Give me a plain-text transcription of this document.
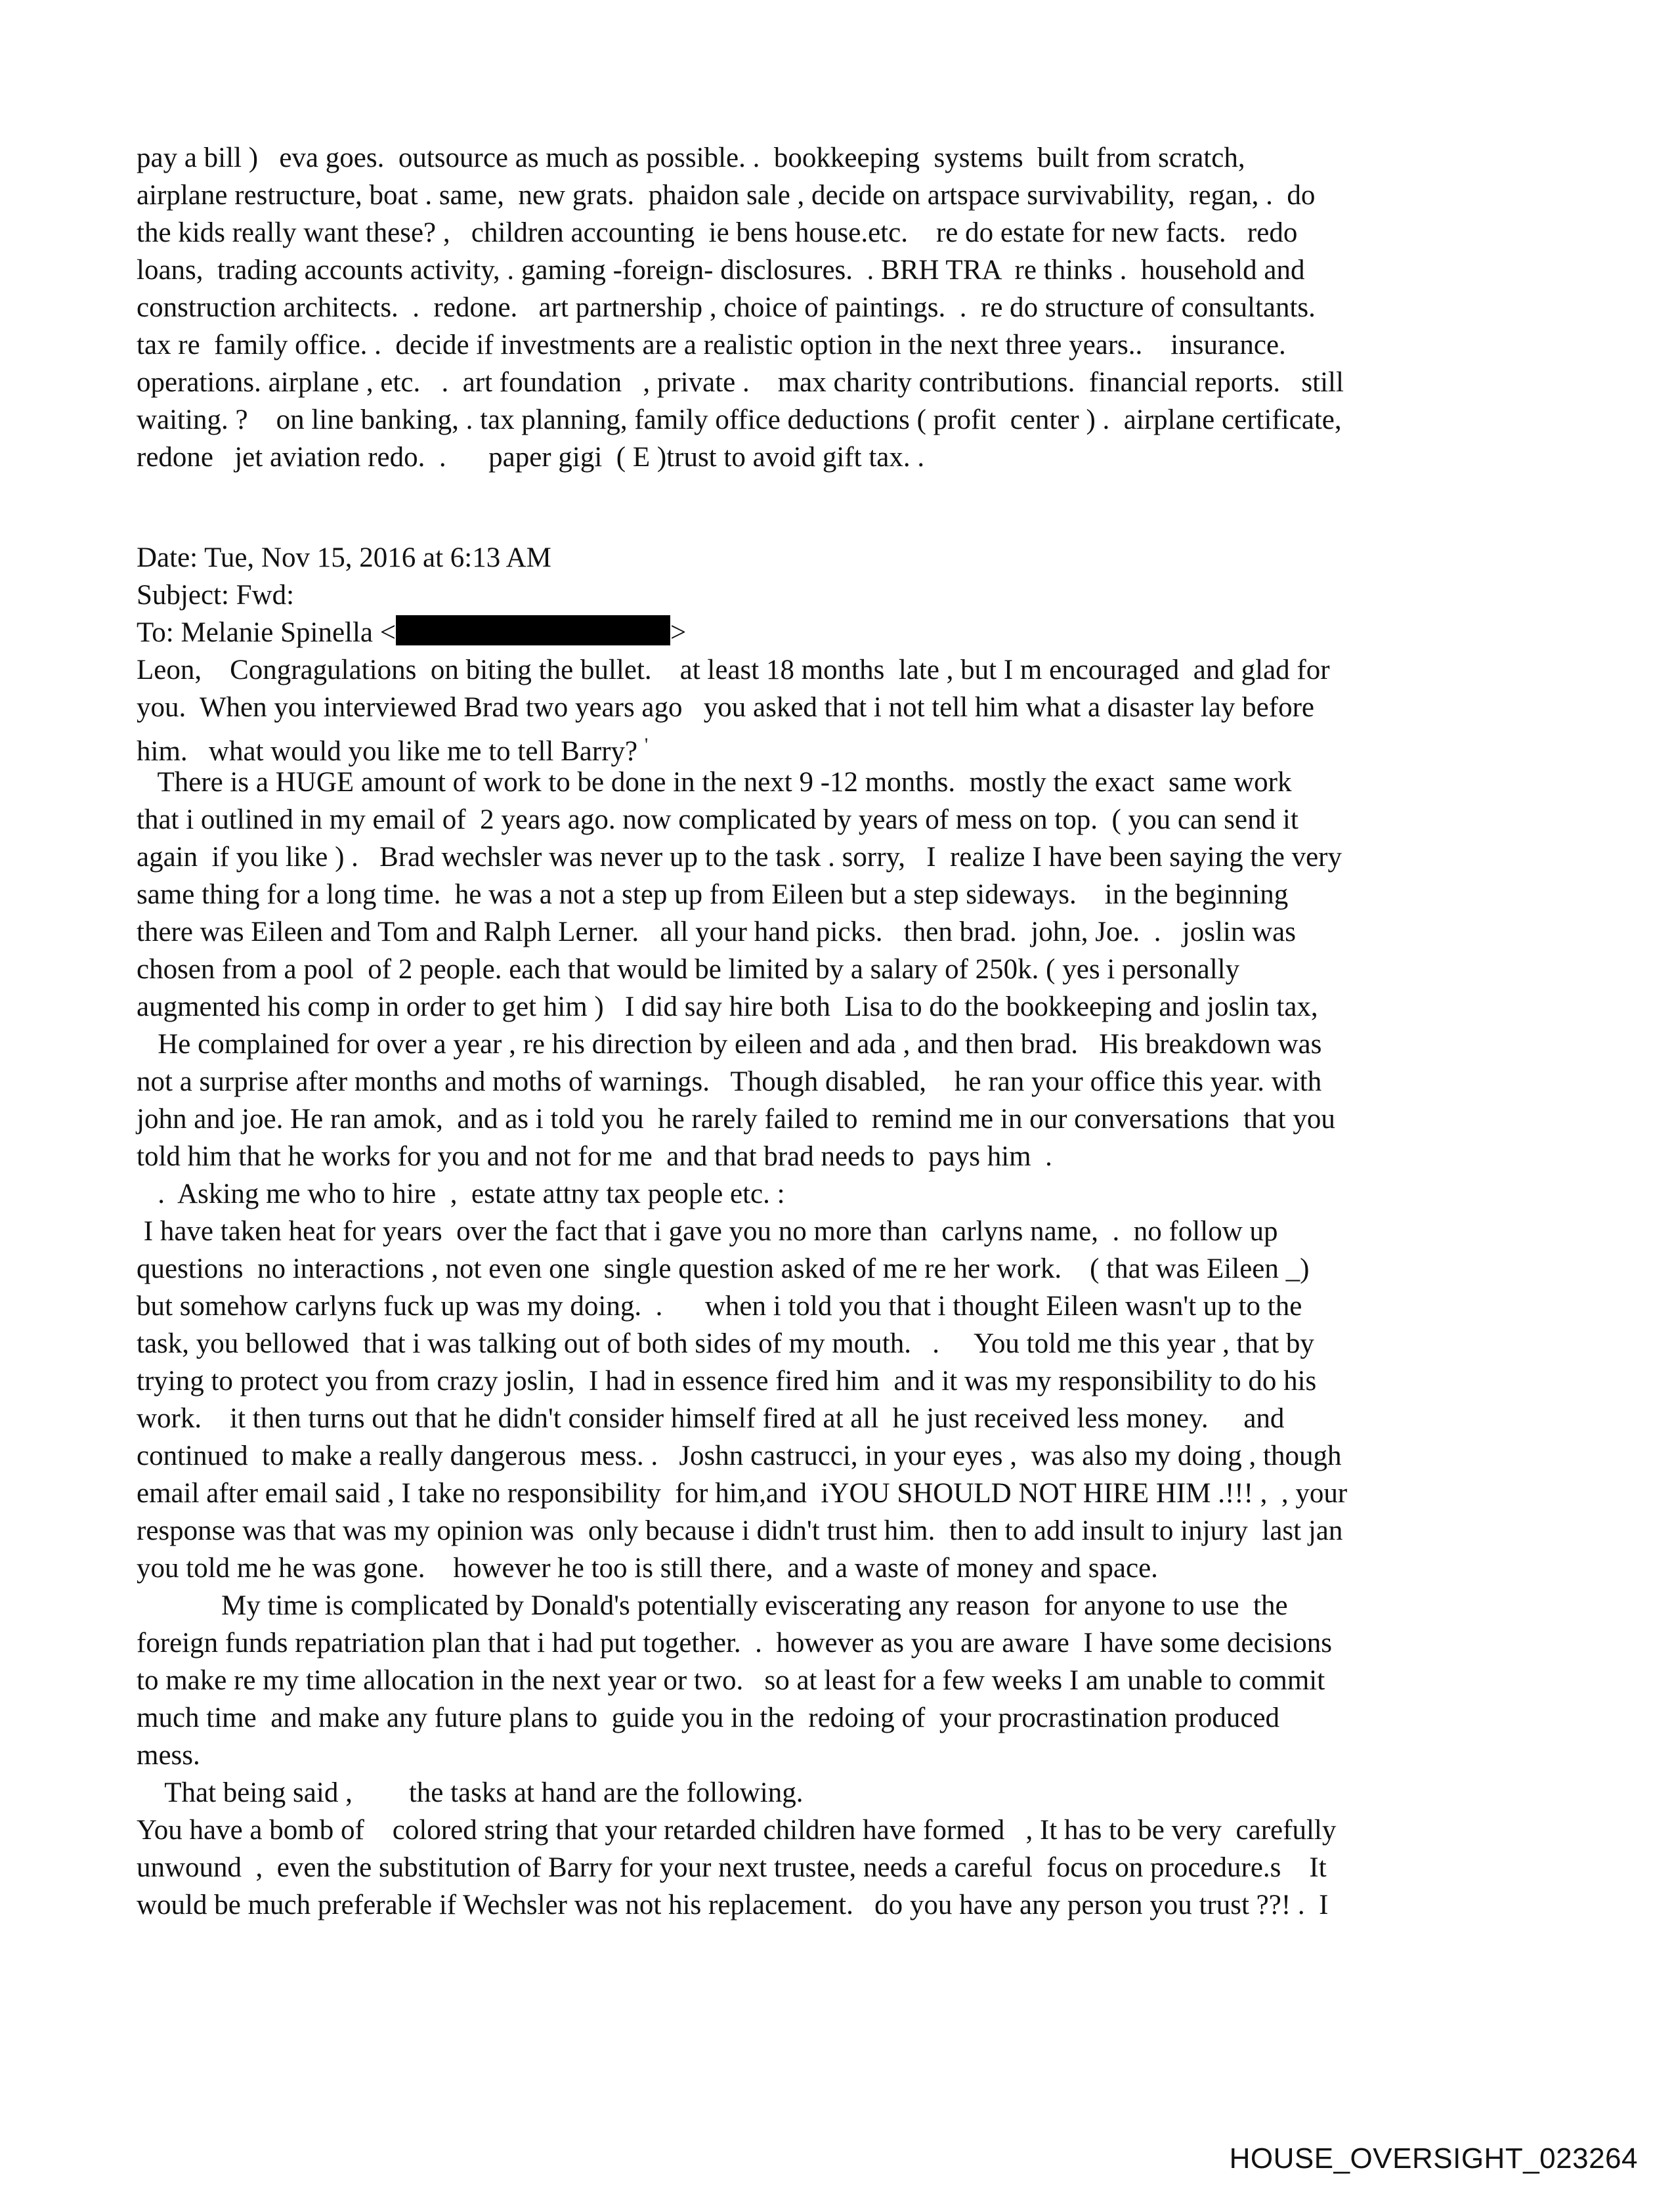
pay a bill )   eva goes.  outsource as much as possible. .  bookkeeping  systems  built from scratch,
airplane restructure, boat . same,  new grats.  phaidon sale , decide on artspace survivability,  regan, .  do
the kids really want these? ,   children accounting  ie bens house.etc.    re do estate for new facts.   redo
loans,  trading accounts activity, . gaming -foreign- disclosures.  . BRH TRA  re thinks .  household and
construction architects.  .  redone.   art partnership , choice of paintings.  .  re do structure of consultants.
tax re  family office. .  decide if investments are a realistic option in the next three years..    insurance.
operations. airplane , etc.   .  art foundation   , private .    max charity contributions.  financial reports.   still
waiting. ?    on line banking, . tax planning, family office deductions ( profit  center ) .  airplane certificate,
redone   jet aviation redo.  .      paper gigi  ( E )trust to avoid gift tax. .
Date: Tue, Nov 15, 2016 at 6:13 AM
Subject: Fwd:
To: Melanie Spinella <	>
Leon,    Congragulations  on biting the bullet.    at least 18 months  late , but I m encouraged  and glad for
you.  When you interviewed Brad two years ago   you asked that i not tell him what a disaster lay before
him.   what would you like me to tell Barry? '
There is a HUGE amount of work to be done in the next 9 -12 months.  mostly the exact  same work
that i outlined in my email of  2 years ago. now complicated by years of mess on top.  ( you can send it
again  if you like ) .   Brad wechsler was never up to the task . sorry,   I  realize I have been saying the very
same thing for a long time.  he was a not a step up from Eileen but a step sideways.    in the beginning
there was Eileen and Tom and Ralph Lerner.   all your hand picks.   then brad.  john, Joe.  .   joslin was
chosen from a pool  of 2 people. each that would be limited by a salary of 250k. ( yes i personally
augmented his comp in order to get him )   I did say hire both  Lisa to do the bookkeeping and joslin tax,
He complained for over a year , re his direction by eileen and ada , and then brad.   His breakdown was
not a surprise after months and moths of warnings.   Though disabled,    he ran your office this year. with
john and joe. He ran amok,  and as i told you  he rarely failed to  remind me in our conversations  that you
told him that he works for you and not for me  and that brad needs to  pays him  .
.  Asking me who to hire  ,  estate attny tax people etc. :
I have taken heat for years  over the fact that i gave you no more than  carlyns name,  .  no follow up
questions  no interactions , not even one  single question asked of me re her work.    ( that was Eileen _)
but somehow carlyns fuck up was my doing.  .      when i told you that i thought Eileen wasn't up to the
task, you bellowed  that i was talking out of both sides of my mouth.   .     You told me this year , that by
trying to protect you from crazy joslin,  I had in essence fired him  and it was my responsibility to do his
work.    it then turns out that he didn't consider himself fired at all  he just received less money.     and
continued  to make a really dangerous  mess. .   Joshn castrucci, in your eyes ,  was also my doing , though
email after email said , I take no responsibility  for him,and  iYOU SHOULD NOT HIRE HIM .!!! ,  , your
response was that was my opinion was  only because i didn't trust him.  then to add insult to injury  last jan
you told me he was gone.    however he too is still there,  and a waste of money and space.
My time is complicated by Donald's potentially eviscerating any reason  for anyone to use  the
foreign funds repatriation plan that i had put together.  .  however as you are aware  I have some decisions
to make re my time allocation in the next year or two.   so at least for a few weeks I am unable to commit
much time  and make any future plans to  guide you in the  redoing of  your procrastination produced
mess.
That being said ,        the tasks at hand are the following.
You have a bomb of    colored string that your retarded children have formed   , It has to be very  carefully
unwound  ,  even the substitution of Barry for your next trustee, needs a careful  focus on procedure.s    It
would be much preferable if Wechsler was not his replacement.   do you have any person you trust ??! .  I
HOUSE_OVERSIGHT_023264
